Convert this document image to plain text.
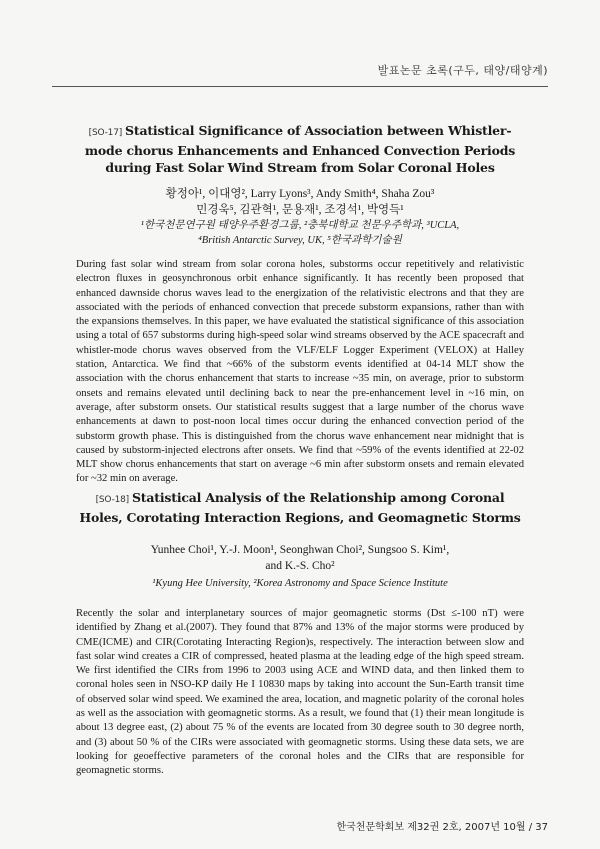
발표논문 초록(구두, 태양/태양계)
[SO-17] Statistical Significance of Association between Whistler-mode chorus Enhancements and Enhanced Convection Periods during Fast Solar Wind Stream from Solar Coronal Holes
황정아¹, 이대영², Larry Lyons³, Andy Smith⁴, Shaha Zou³
민경욱⁵, 김관혁¹, 문용재¹, 조경석¹, 박영득¹
¹한국천문연구원 태양우주환경그룹, ²충북대학교 천문우주학과, ³UCLA,
⁴British Antarctic Survey, UK, ⁵한국과학기술원
During fast solar wind stream from solar corona holes, substorms occur repetitively and relativistic electron fluxes in geosynchronous orbit enhance significantly. It has recently been proposed that enhanced dawnside chorus waves lead to the energization of the relativistic electrons and that they are associated with the periods of enhanced convection that precede substorm expansions, rather than with the expansions themselves. In this paper, we have evaluated the statistical significance of this association using a total of 657 substorms during high-speed solar wind streams observed by the ACE spacecraft and whistler-mode chorus waves observed from the VLF/ELF Logger Experiment (VELOX) at Halley station, Antarctica. We find that ~66% of the substorm events identified at 04-14 MLT show the association with the chorus enhancement that starts to increase ~35 min, on average, prior to substorm onsets and remains elevated until declining back to near the pre-enhancement level in ~16 min, on average, after substorm onsets. Our statistical results suggest that a large number of the chorus wave enhancements at dawn to post-noon local times occur during the enhanced convection period of the substorm growth phase. This is distinguished from the chorus wave enhancement near midnight that is caused by substorm-injected electrons after onsets. We find that ~59% of the events identified at 22-02 MLT show chorus enhancements that start on average ~6 min after substorm onsets and remain elevated for ~32 min on average.
[SO-18] Statistical Analysis of the Relationship among Coronal Holes, Corotating Interaction Regions, and Geomagnetic Storms
Yunhee Choi¹, Y.-J. Moon¹, Seonghwan Choi², Sungsoo S. Kim¹,
and K.-S. Cho²
¹Kyung Hee University, ²Korea Astronomy and Space Science Institute
Recently the solar and interplanetary sources of major geomagnetic storms (Dst ≤-100 nT) were identified by Zhang et al.(2007). They found that 87% and 13% of the major storms were produced by CME(ICME) and CIR(Corotating Interacting Region)s, respectively. The interaction between slow and fast solar wind creates a CIR of compressed, heated plasma at the leading edge of the high speed stream. We first identified the CIRs from 1996 to 2003 using ACE and WIND data, and then linked them to coronal holes seen in NSO-KP daily He I 10830 maps by taking into account the Sun-Earth transit time of observed solar wind speed. We examined the area, location, and magnetic polarity of the coronal holes as well as the association with geomagnetic storms. As a result, we found that (1) their mean longitude is about 13 degree east, (2) about 75 % of the events are located from 30 degree south to 30 degree north, and (3) about 50 % of the CIRs were associated with geomagnetic storms. Using these data sets, we are looking for geoeffective parameters of the coronal holes and the CIRs that are responsible for geomagnetic storms.
한국천문학회보 제32권 2호, 2007년 10월 / 37
